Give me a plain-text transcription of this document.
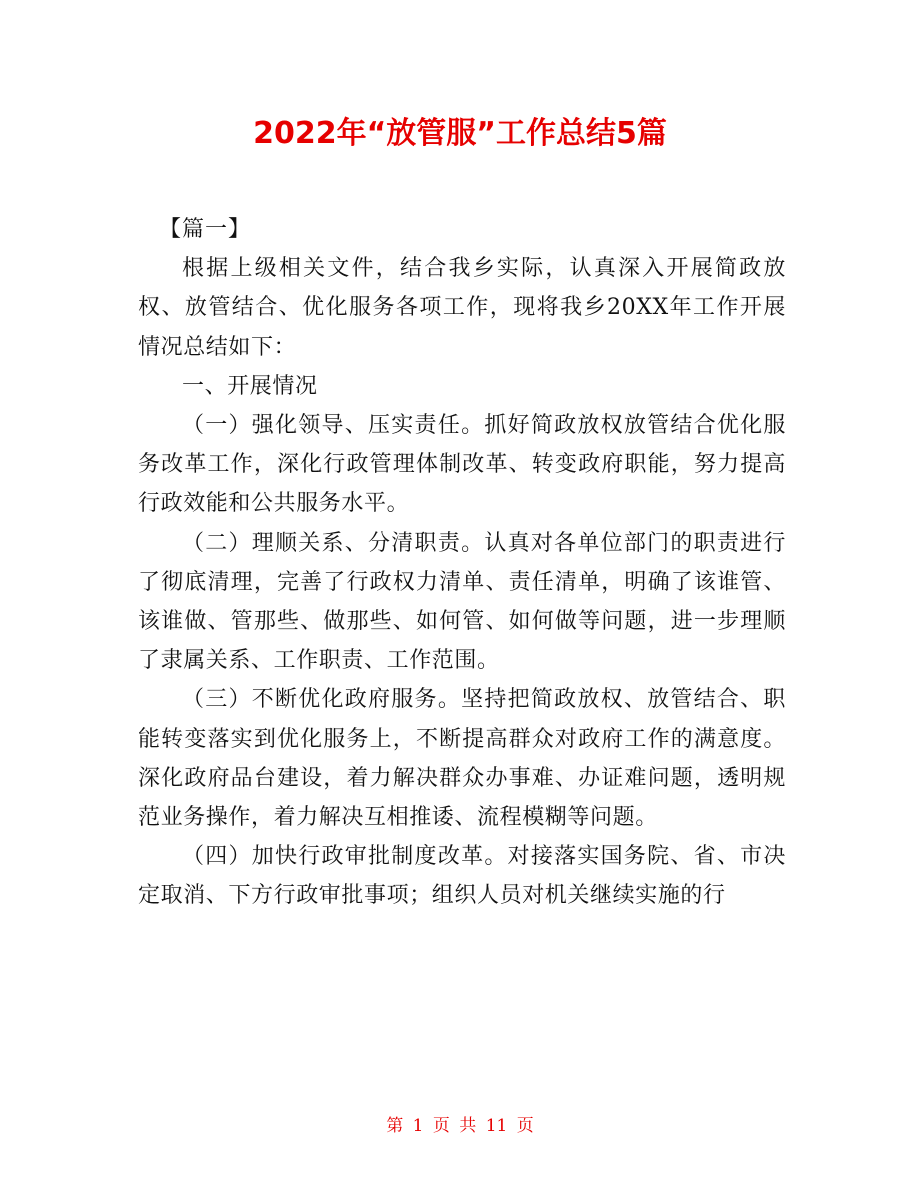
2022年“放管服”工作总结5篇

【篇一】

根据上级相关文件，结合我乡实际，认真深入开展简政放权、放管结合、优化服务各项工作，现将我乡20XX年工作开展情况总结如下：

一、开展情况

（一）强化领导、压实责任。抓好简政放权放管结合优化服务改革工作，深化行政管理体制改革、转变政府职能，努力提高行政效能和公共服务水平。

（二）理顺关系、分清职责。认真对各单位部门的职责进行了彻底清理，完善了行政权力清单、责任清单，明确了该谁管、该谁做、管那些、做那些、如何管、如何做等问题，进一步理顺了隶属关系、工作职责、工作范围。

（三）不断优化政府服务。坚持把简政放权、放管结合、职能转变落实到优化服务上，不断提高群众对政府工作的满意度。深化政府品台建设，着力解决群众办事难、办证难问题，透明规范业务操作，着力解决互相推诿、流程模糊等问题。

（四）加快行政审批制度改革。对接落实国务院、省、市决定取消、下方行政审批事项；组织人员对机关继续实施的行

第 1 页 共 11 页
